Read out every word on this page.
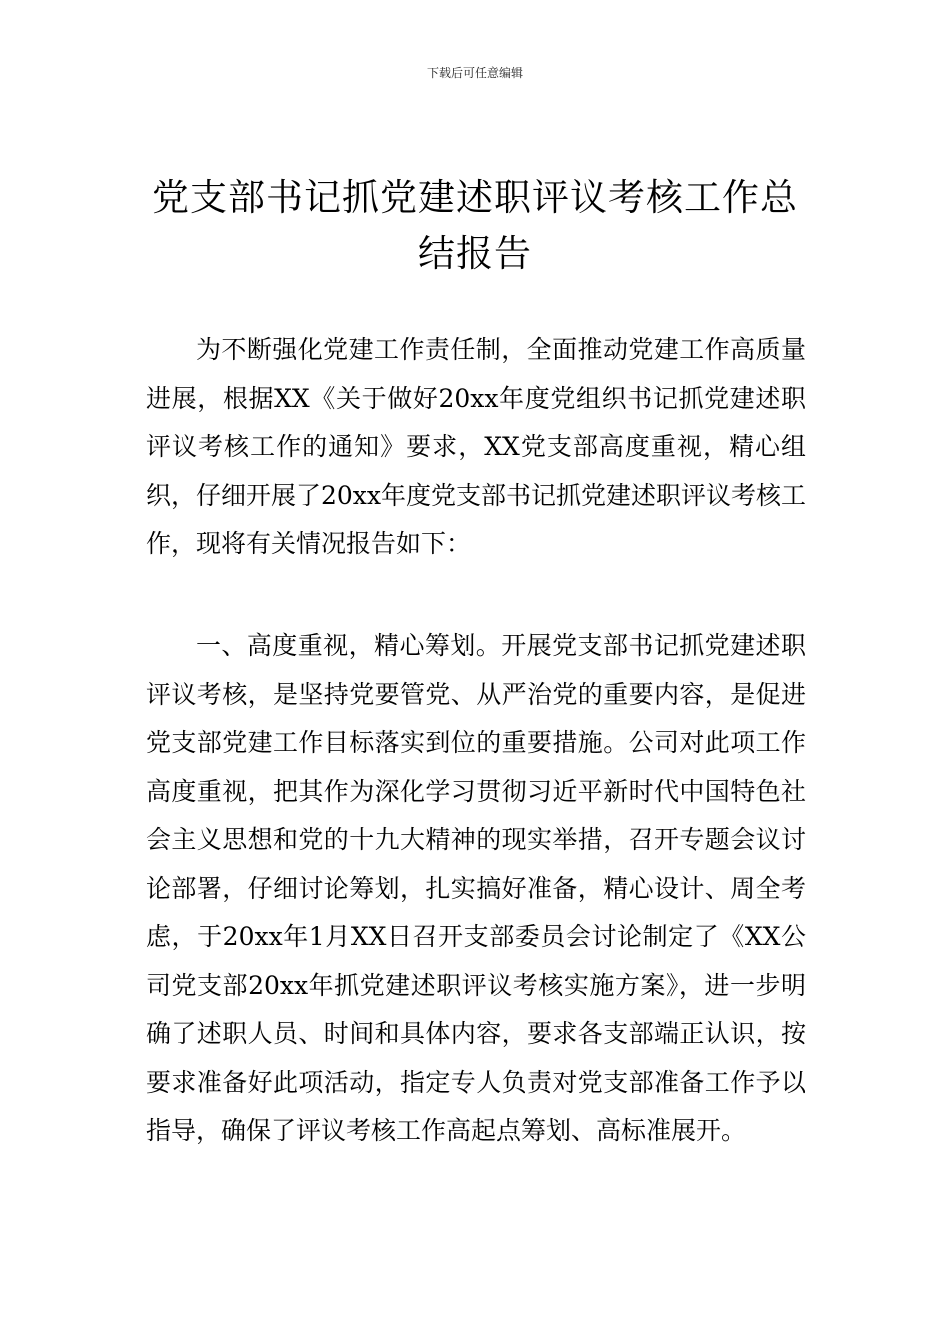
下载后可任意编辑
党支部书记抓党建述职评议考核工作总结报告

为不断强化党建工作责任制，全面推动党建工作高质量进展，根据XX《关于做好20xx年度党组织书记抓党建述职评议考核工作的通知》要求，XX党支部高度重视，精心组织，仔细开展了20xx年度党支部书记抓党建述职评议考核工作，现将有关情况报告如下：

一、高度重视，精心筹划。开展党支部书记抓党建述职评议考核，是坚持党要管党、从严治党的重要内容，是促进党支部党建工作目标落实到位的重要措施。公司对此项工作高度重视，把其作为深化学习贯彻习近平新时代中国特色社会主义思想和党的十九大精神的现实举措，召开专题会议讨论部署，仔细讨论筹划，扎实搞好准备，精心设计、周全考虑，于20xx年1月XX日召开支部委员会讨论制定了《XX公司党支部20xx年抓党建述职评议考核实施方案》，进一步明确了述职人员、时间和具体内容，要求各支部端正认识，按要求准备好此项活动，指定专人负责对党支部准备工作予以指导，确保了评议考核工作高起点筹划、高标准展开。
